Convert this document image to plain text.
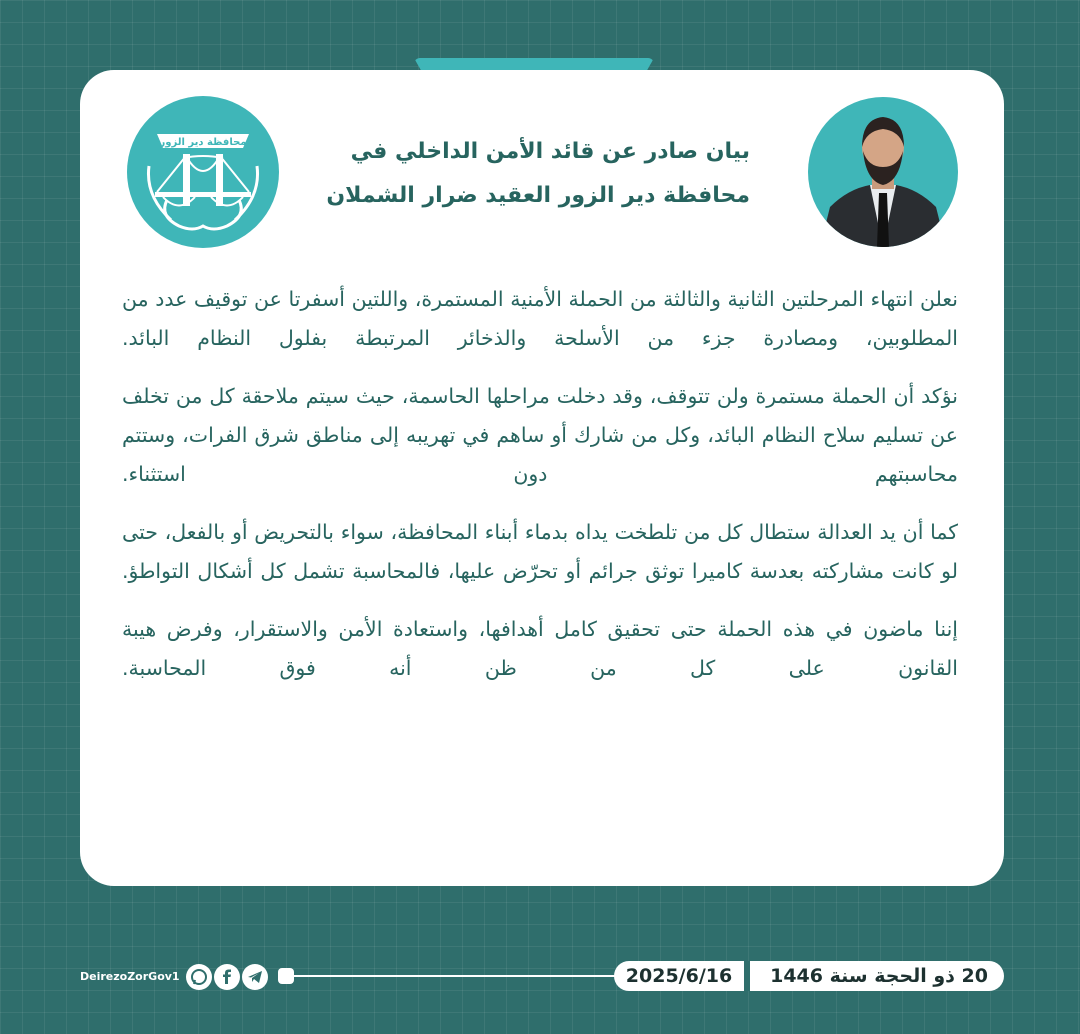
محافظة دير الزور	بيان صادر عن قائد الأمن الداخلي في
محافظة دير الزور العقيد ضرار الشملان

نعلن انتهاء المرحلتين الثانية والثالثة من الحملة الأمنية المستمرة، واللتين أسفرتا عن توقيف عدد من المطلوبين، ومصادرة جزء من الأسلحة والذخائر المرتبطة بفلول النظام البائد.

نؤكد أن الحملة مستمرة ولن تتوقف، وقد دخلت مراحلها الحاسمة، حيث سيتم ملاحقة كل من تخلف عن تسليم سلاح النظام البائد، وكل من شارك أو ساهم في تهريبه إلى مناطق شرق الفرات، وستتم محاسبتهم دون استثناء.

كما أن يد العدالة ستطال كل من تلطخت يداه بدماء أبناء المحافظة، سواء بالتحريض أو بالفعل، حتى لو كانت مشاركته بعدسة كاميرا توثق جرائم أو تحرّض عليها، فالمحاسبة تشمل كل أشكال التواطؤ.

إننا ماضون في هذه الحملة حتى تحقيق كامل أهدافها، واستعادة الأمن والاستقرار، وفرض هيبة القانون على كل من ظن أنه فوق المحاسبة.

DeirezoZorGov1	2025/6/16	20 ذو الحجة سنة 1446
